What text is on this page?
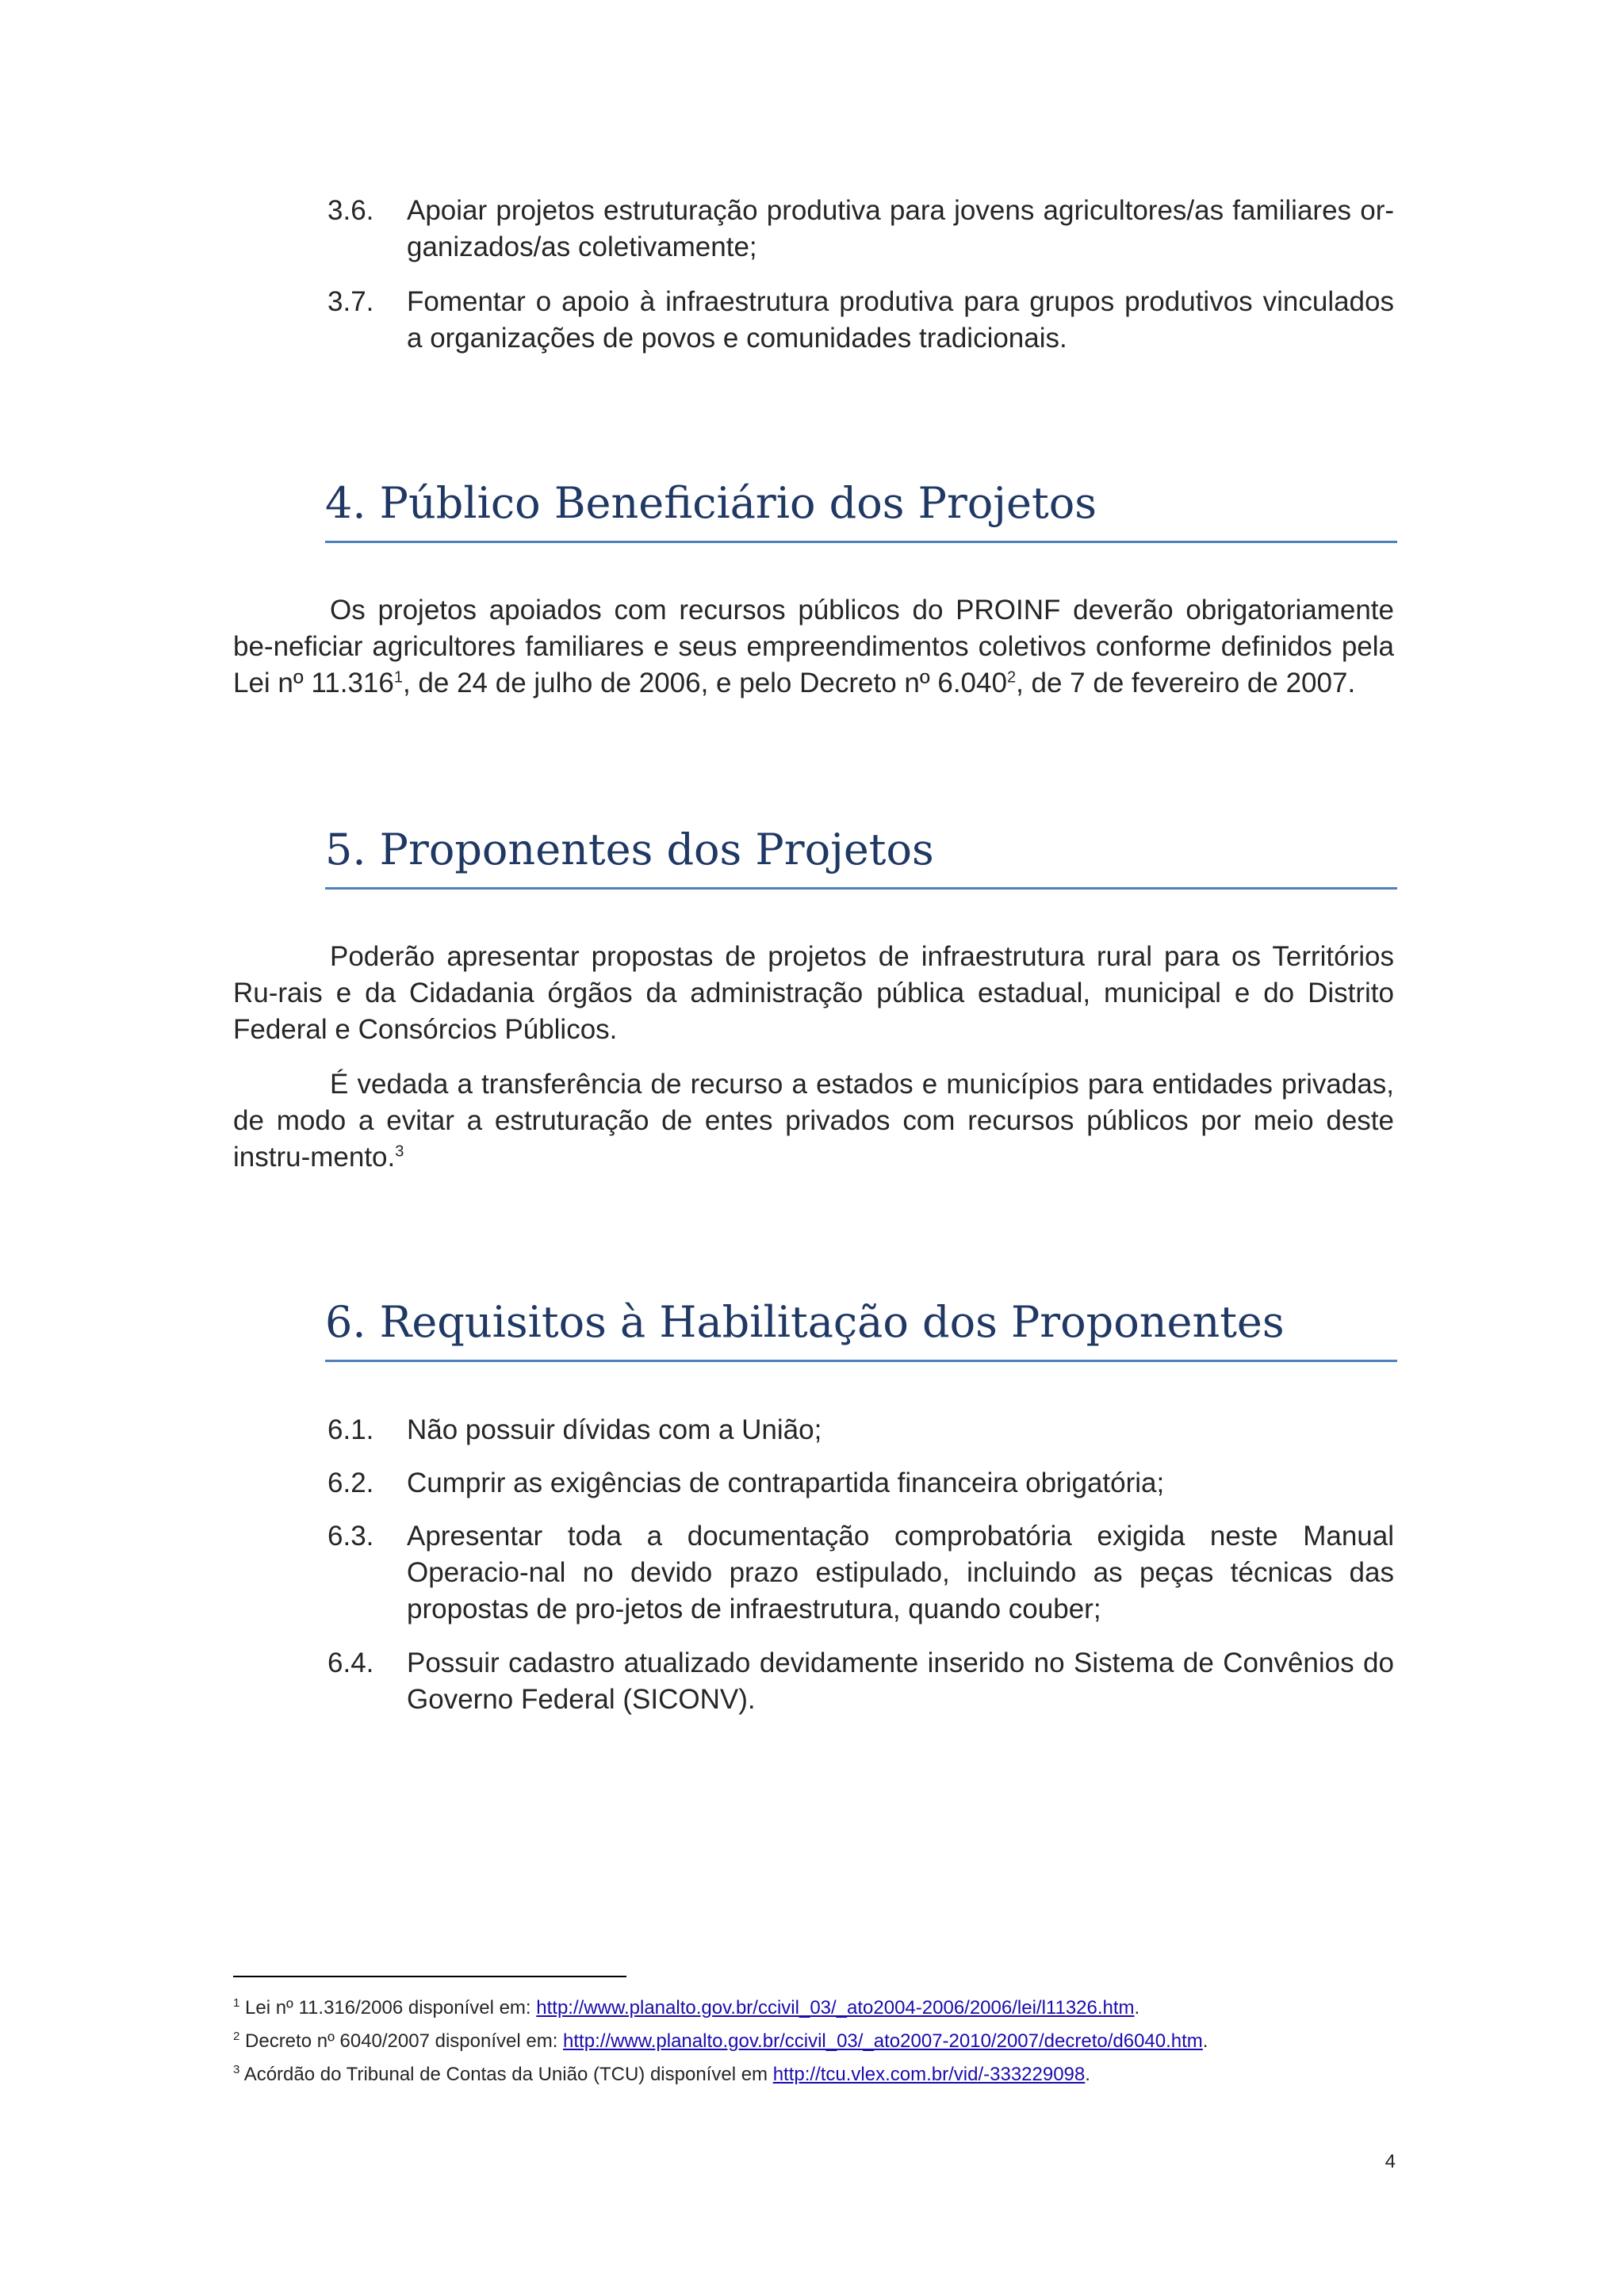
3.6. Apoiar projetos estruturação produtiva para jovens agricultores/as familiares or-ganizados/as coletivamente;
3.7. Fomentar o apoio à infraestrutura produtiva para grupos produtivos vinculados a organizações de povos e comunidades tradicionais.
4. Público Beneficiário dos Projetos
Os projetos apoiados com recursos públicos do PROINF deverão obrigatoriamente be-neficiar agricultores familiares e seus empreendimentos coletivos conforme definidos pela Lei nº 11.316$^1$, de 24 de julho de 2006, e pelo Decreto nº 6.040$^2$, de 7 de fevereiro de 2007.
5. Proponentes dos Projetos
Poderão apresentar propostas de projetos de infraestrutura rural para os Territórios Ru-rais e da Cidadania órgãos da administração pública estadual, municipal e do Distrito Federal e Consórcios Públicos.
É vedada a transferência de recurso a estados e municípios para entidades privadas, de modo a evitar a estruturação de entes privados com recursos públicos por meio deste instru-mento.$^3$
6. Requisitos à Habilitação dos Proponentes
6.1. Não possuir dívidas com a União;
6.2. Cumprir as exigências de contrapartida financeira obrigatória;
6.3. Apresentar toda a documentação comprobatória exigida neste Manual Operacio-nal no devido prazo estipulado, incluindo as peças técnicas das propostas de pro-jetos de infraestrutura, quando couber;
6.4. Possuir cadastro atualizado devidamente inserido no Sistema de Convênios do Governo Federal (SICONV).
$^1$ Lei nº 11.316/2006 disponível em: http://www.planalto.gov.br/ccivil_03/_ato2004-2006/2006/lei/l11326.htm.
$^2$ Decreto nº 6040/2007 disponível em: http://www.planalto.gov.br/ccivil_03/_ato2007-2010/2007/decreto/d6040.htm.
$^3$ Acórdão do Tribunal de Contas da União (TCU) disponível em http://tcu.vlex.com.br/vid/-333229098.
4
